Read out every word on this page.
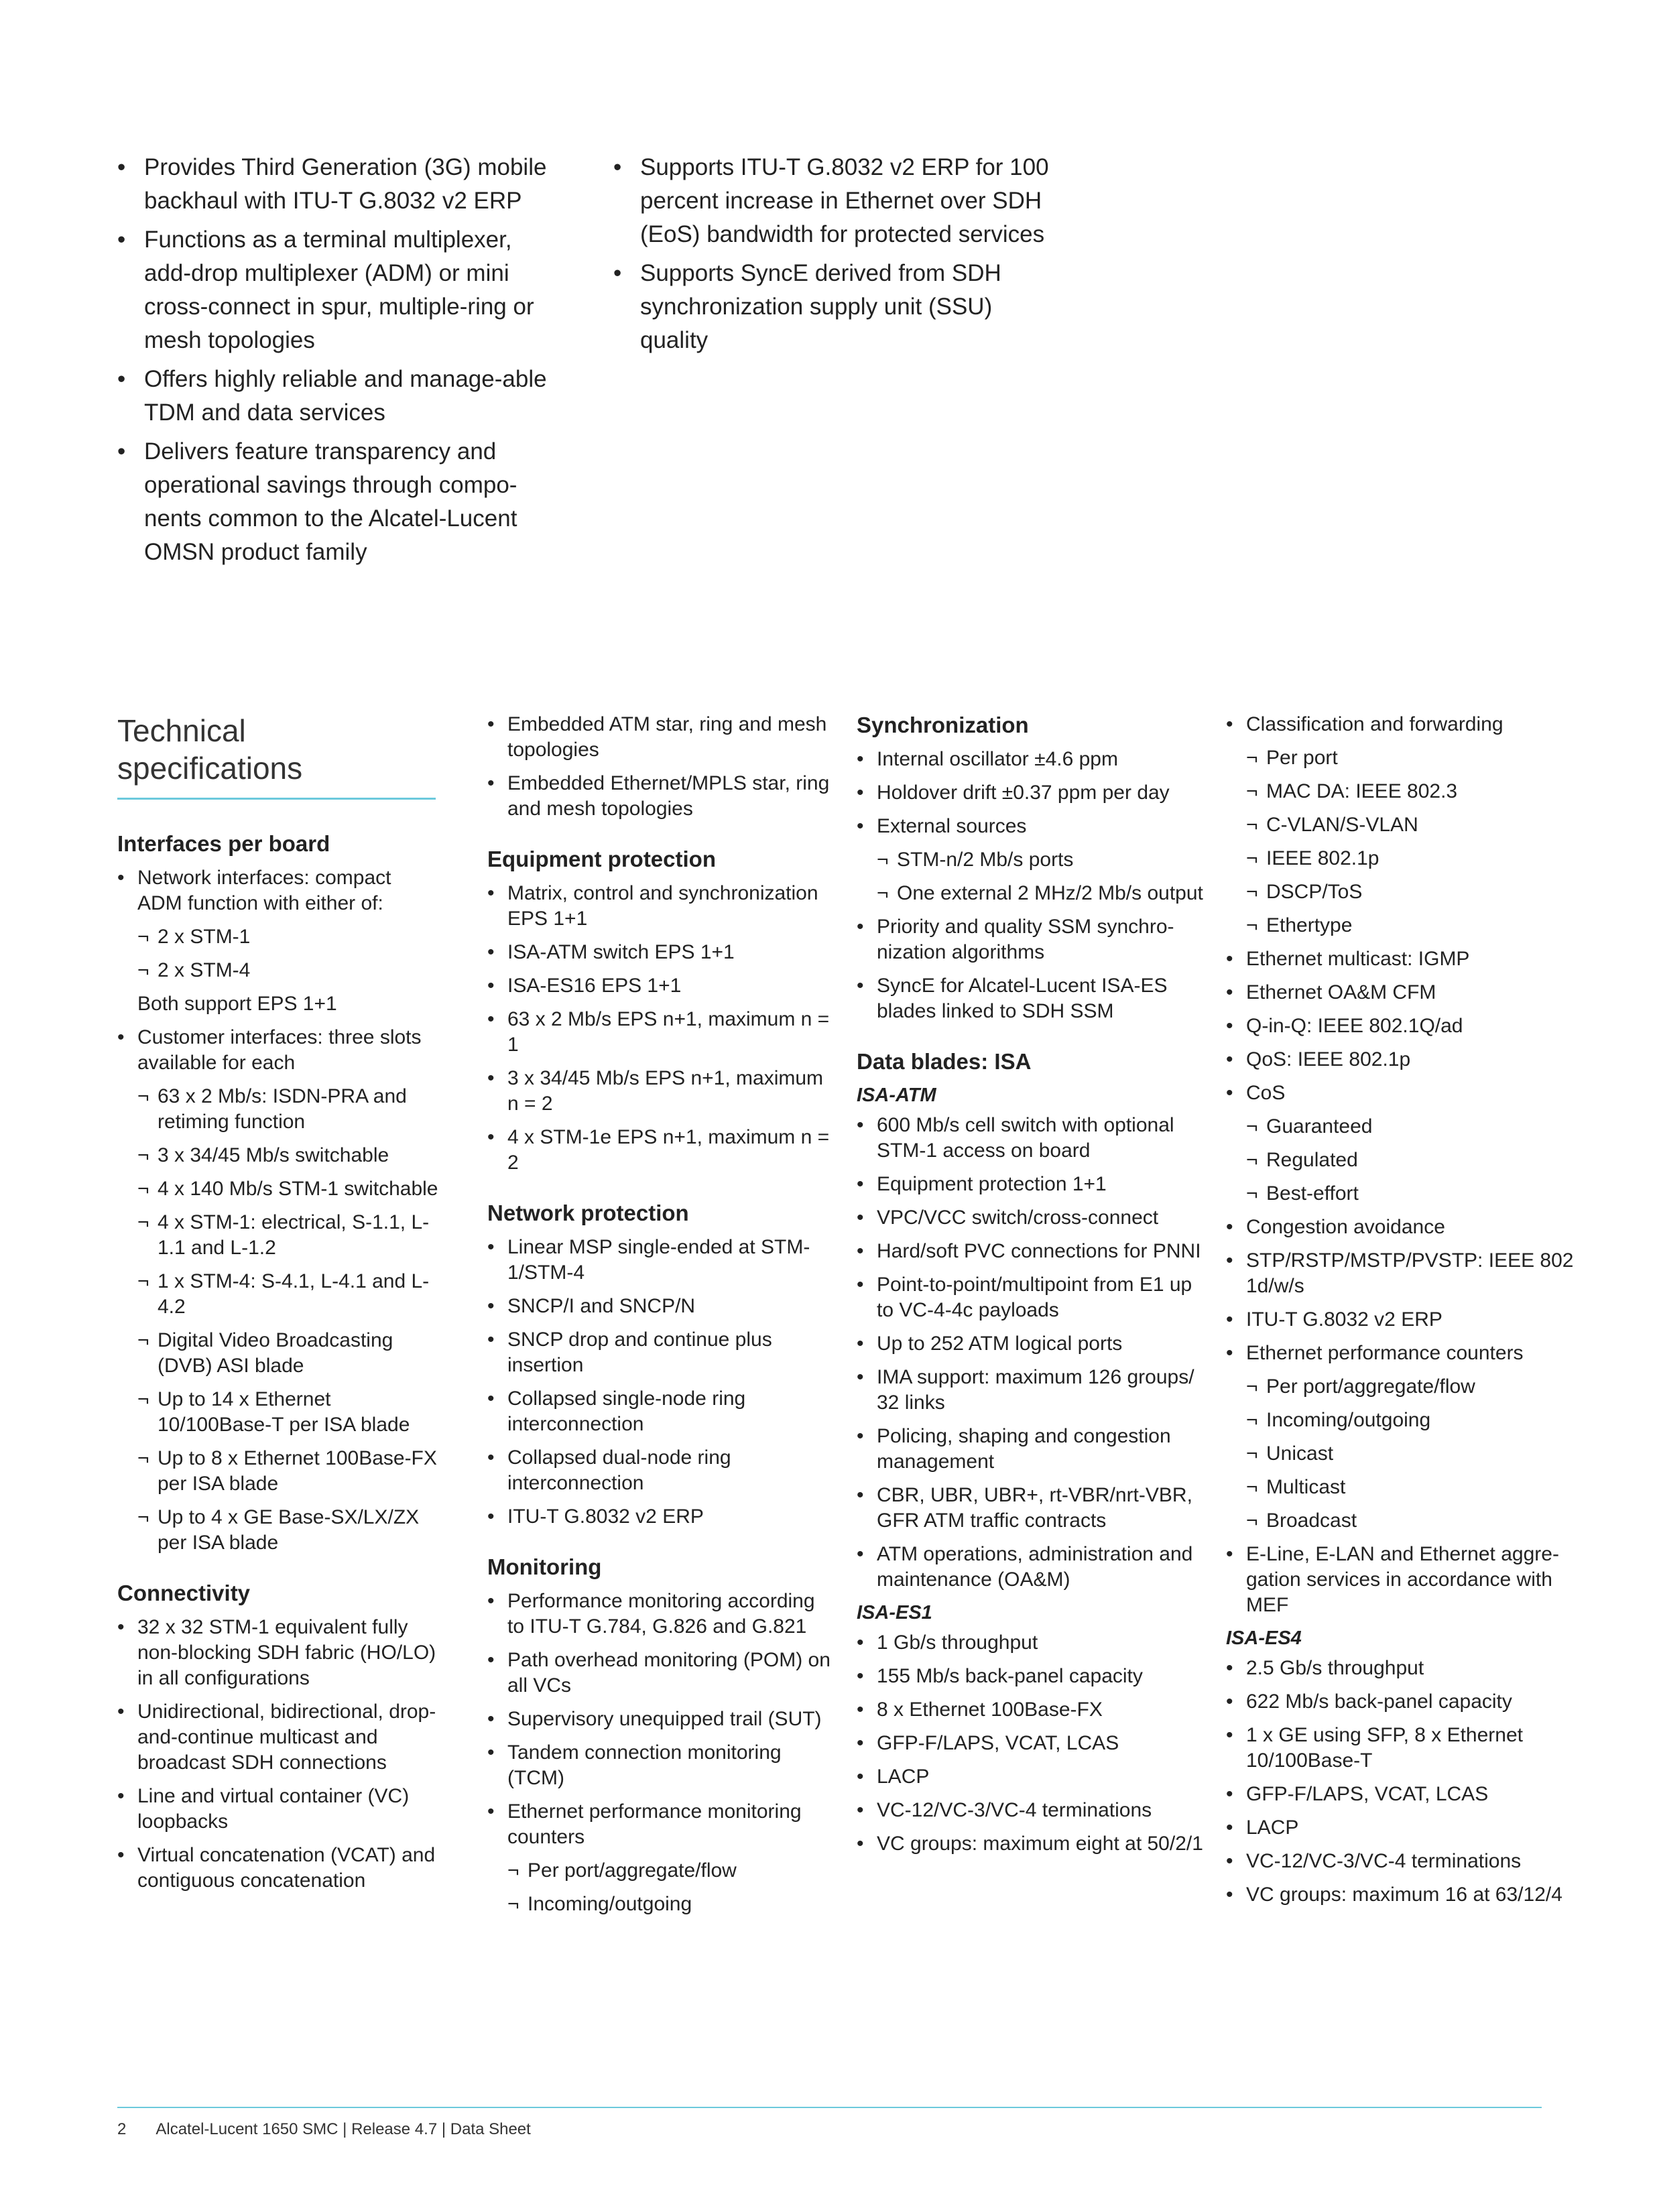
• Provides Third Generation (3G) mobile backhaul with ITU-T G.8032 v2 ERP
• Functions as a terminal multiplexer, add-drop multiplexer (ADM) or mini cross-connect in spur, multiple-ring or mesh topologies
• Offers highly reliable and manage-able TDM and data services
• Delivers feature transparency and operational savings through compo-nents common to the Alcatel-Lucent OMSN product family
• Supports ITU-T G.8032 v2 ERP for 100 percent increase in Ethernet over SDH (EoS) bandwidth for protected services
• Supports SyncE derived from SDH synchronization supply unit (SSU) quality
Technical specifications
Interfaces per board
• Network interfaces: compact ADM function with either of:
¬ 2 x STM-1
¬ 2 x STM-4
Both support EPS 1+1
• Customer interfaces: three slots available for each
¬ 63 x 2 Mb/s: ISDN-PRA and retiming function
¬ 3 x 34/45 Mb/s switchable
¬ 4 x 140 Mb/s STM-1 switchable
¬ 4 x STM-1: electrical, S-1.1, L-1.1 and L-1.2
¬ 1 x STM-4: S-4.1, L-4.1 and L-4.2
¬ Digital Video Broadcasting (DVB) ASI blade
¬ Up to 14 x Ethernet 10/100Base-T per ISA blade
¬ Up to 8 x Ethernet 100Base-FX per ISA blade
¬ Up to 4 x GE Base-SX/LX/ZX per ISA blade
Connectivity
• 32 x 32 STM-1 equivalent fully non-blocking SDH fabric (HO/LO) in all configurations
• Unidirectional, bidirectional, drop-and-continue multicast and broadcast SDH connections
• Line and virtual container (VC) loopbacks
• Virtual concatenation (VCAT) and contiguous concatenation
• Embedded ATM star, ring and mesh topologies
• Embedded Ethernet/MPLS star, ring and mesh topologies
Equipment protection
• Matrix, control and synchronization EPS 1+1
• ISA-ATM switch EPS 1+1
• ISA-ES16 EPS 1+1
• 63 x 2 Mb/s EPS n+1, maximum n = 1
• 3 x 34/45 Mb/s EPS n+1, maximum n = 2
• 4 x STM-1e EPS n+1, maximum n = 2
Network protection
• Linear MSP single-ended at STM-1/STM-4
• SNCP/I and SNCP/N
• SNCP drop and continue plus insertion
• Collapsed single-node ring interconnection
• Collapsed dual-node ring interconnection
• ITU-T G.8032 v2 ERP
Monitoring
• Performance monitoring according to ITU-T G.784, G.826 and G.821
• Path overhead monitoring (POM) on all VCs
• Supervisory unequipped trail (SUT)
• Tandem connection monitoring (TCM)
• Ethernet performance monitoring counters
¬ Per port/aggregate/flow
¬ Incoming/outgoing
Synchronization
• Internal oscillator ±4.6 ppm
• Holdover drift ±0.37 ppm per day
• External sources
¬ STM-n/2 Mb/s ports
¬ One external 2 MHz/2 Mb/s output
• Priority and quality SSM synchro-nization algorithms
• SyncE for Alcatel-Lucent ISA-ES blades linked to SDH SSM
Data blades: ISA
ISA-ATM
• 600 Mb/s cell switch with optional STM-1 access on board
• Equipment protection 1+1
• VPC/VCC switch/cross-connect
• Hard/soft PVC connections for PNNI
• Point-to-point/multipoint from E1 up to VC-4-4c payloads
• Up to 252 ATM logical ports
• IMA support: maximum 126 groups/ 32 links
• Policing, shaping and congestion management
• CBR, UBR, UBR+, rt-VBR/nrt-VBR, GFR ATM traffic contracts
• ATM operations, administration and maintenance (OA&M)
ISA-ES1
• 1 Gb/s throughput
• 155 Mb/s back-panel capacity
• 8 x Ethernet 100Base-FX
• GFP-F/LAPS, VCAT, LCAS
• LACP
• VC-12/VC-3/VC-4 terminations
• VC groups: maximum eight at 50/2/1
• Classification and forwarding
¬ Per port
¬ MAC DA: IEEE 802.3
¬ C-VLAN/S-VLAN
¬ IEEE 802.1p
¬ DSCP/ToS
¬ Ethertype
• Ethernet multicast: IGMP
• Ethernet OA&M CFM
• Q-in-Q: IEEE 802.1Q/ad
• QoS: IEEE 802.1p
• CoS
¬ Guaranteed
¬ Regulated
¬ Best-effort
• Congestion avoidance
• STP/RSTP/MSTP/PVSTP: IEEE 802 1d/w/s
• ITU-T G.8032 v2 ERP
• Ethernet performance counters
¬ Per port/aggregate/flow
¬ Incoming/outgoing
¬ Unicast
¬ Multicast
¬ Broadcast
• E-Line, E-LAN and Ethernet aggre-gation services in accordance with MEF
ISA-ES4
• 2.5 Gb/s throughput
• 622 Mb/s back-panel capacity
• 1 x GE using SFP, 8 x Ethernet 10/100Base-T
• GFP-F/LAPS, VCAT, LCAS
• LACP
• VC-12/VC-3/VC-4 terminations
• VC groups: maximum 16 at 63/12/4
2 Alcatel-Lucent 1650 SMC | Release 4.7 | Data Sheet
